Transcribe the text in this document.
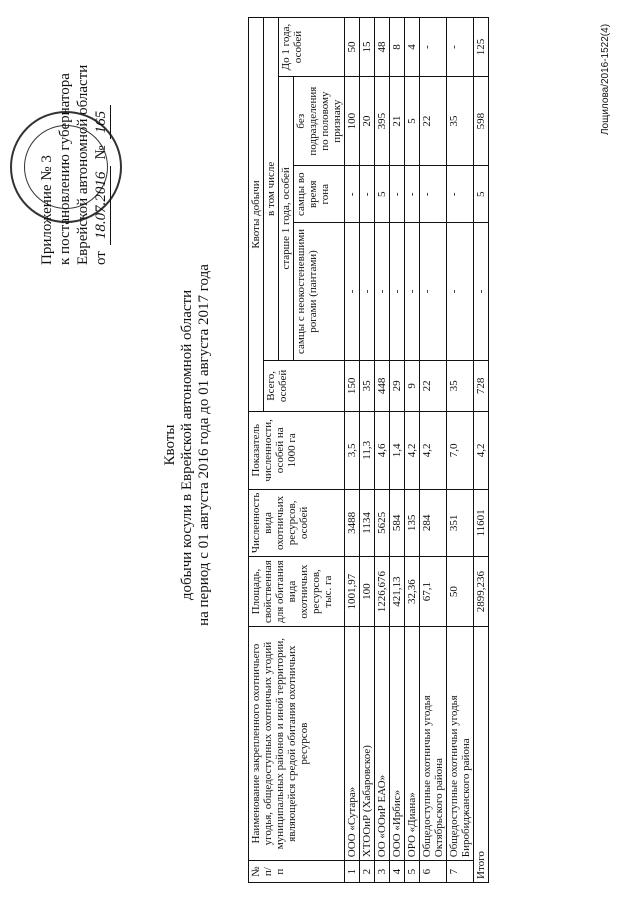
Приложение № 3 к постановлению губернатора Еврейской автономной области от
18.07.2016
№
165
Квоты добычи косули в Еврейской автономной области на период с 01 августа 2016 года до 01 августа 2017 года
№ п/п	Наименование закрепленного охотничьего угодья, общедоступных охотничьих угодий муниципальных районов и иной территории, являющейся средой обитания охотничьих ресурсов	Площадь, свойственная для обитания вида охотничьих ресурсов, тыс. га	Численность вида охотничьих ресурсов, особей	Показатель численности, особей на 1000 га	Квоты добычи				
					Всего, особей	в том числе			
						старше 1 года, особей			До 1 года, особей
						самцы с неокостеневшими рогами (пантами)	самцы во время гона	без подразделения по половому признаку	
1	ООО «Сутара»	1001,97	3488	3,5	150	-	-	100	50
2	ХТООиР (Хабаровское)	100	1134	11,3	35	-	-	20	15
3	ОО «ООиР ЕАО»	1226,676	5625	4,6	448	-	5	395	48
4	ООО «Ирбис»	421,13	584	1,4	29	-	-	21	8
5	ОРО «Диана»	32,36	135	4,2	9	-	-	5	4
6	Общедоступные охотничьи угодья Октябрьского района	67,1	284	4,2	22	-	-	22	-
7	Общедоступные охотничьи угодья Биробиджанского района	50	351	7,0	35	-	-	35	-
Итого		2899,236	11601	4,2	728	-	5	598	125	Лощилова/2016-1522(4)
